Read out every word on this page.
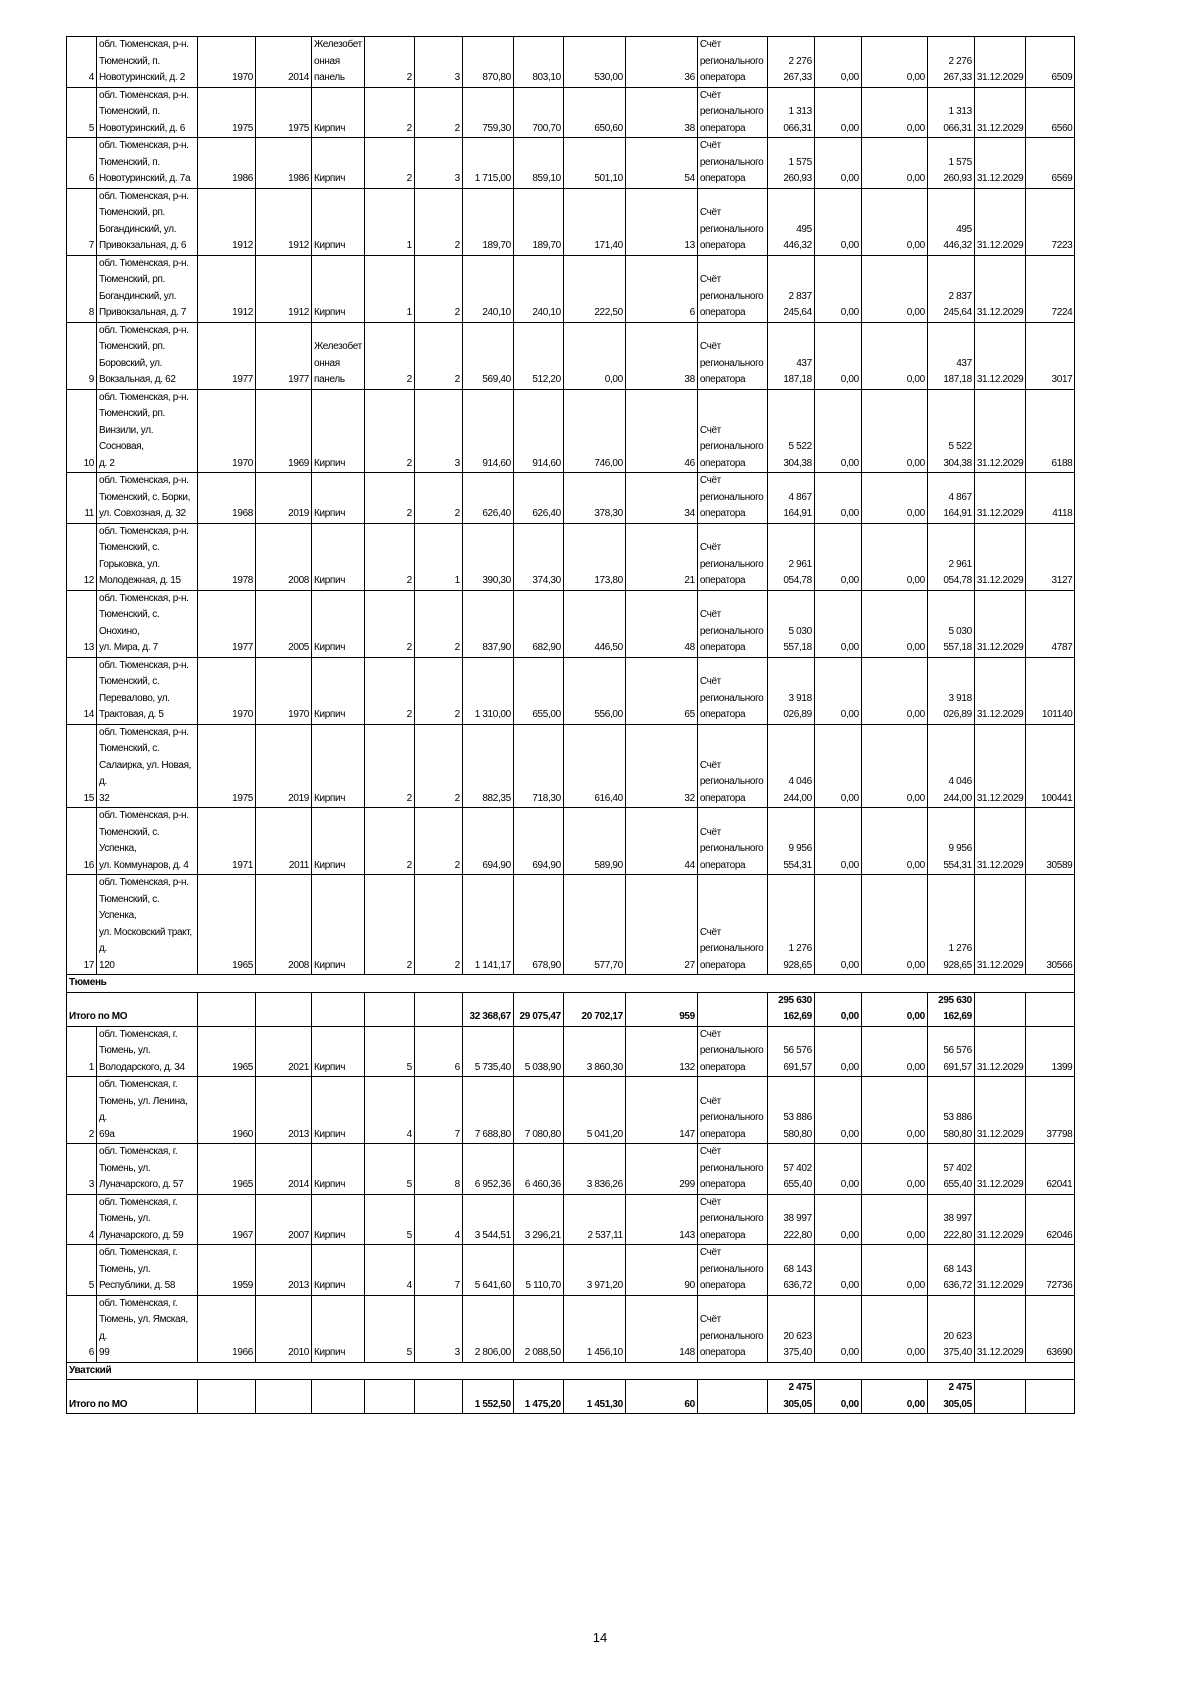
4	обл. Тюменская, р-н.
Тюменский, п.
Новотуринский, д. 2	1970	2014	Железобет
онная
панель	2	3	870,80	803,10	530,00	36	Счёт
регионального
оператора	2 276 267,33	0,00	0,00	2 276 267,33	31.12.2029	6509
5	обл. Тюменская, р-н.
Тюменский, п.
Новотуринский, д. 6	1975	1975	Кирпич	2	2	759,30	700,70	650,60	38	Счёт
регионального
оператора	1 313 066,31	0,00	0,00	1 313 066,31	31.12.2029	6560
6	обл. Тюменская, р-н.
Тюменский, п.
Новотуринский, д. 7а	1986	1986	Кирпич	2	3	1 715,00	859,10	501,10	54	Счёт
регионального
оператора	1 575 260,93	0,00	0,00	1 575 260,93	31.12.2029	6569
7	обл. Тюменская, р-н.
Тюменский, рп.
Богандинский, ул.
Привокзальная, д. 6	1912	1912	Кирпич	1	2	189,70	189,70	171,40	13	Счёт
регионального
оператора	495 446,32	0,00	0,00	495 446,32	31.12.2029	7223
8	обл. Тюменская, р-н.
Тюменский, рп.
Богандинский, ул.
Привокзальная, д. 7	1912	1912	Кирпич	1	2	240,10	240,10	222,50	6	Счёт
регионального
оператора	2 837 245,64	0,00	0,00	2 837 245,64	31.12.2029	7224
9	обл. Тюменская, р-н.
Тюменский, рп.
Боровский, ул.
Вокзальная, д. 62	1977	1977	Железобет
онная
панель	2	2	569,40	512,20	0,00	38	Счёт
регионального
оператора	437 187,18	0,00	0,00	437 187,18	31.12.2029	3017
10	обл. Тюменская, р-н.
Тюменский, рп.
Винзили, ул. Сосновая,
д. 2	1970	1969	Кирпич	2	3	914,60	914,60	746,00	46	Счёт
регионального
оператора	5 522 304,38	0,00	0,00	5 522 304,38	31.12.2029	6188
11	обл. Тюменская, р-н.
Тюменский, с. Борки,
ул. Совхозная, д. 32	1968	2019	Кирпич	2	2	626,40	626,40	378,30	34	Счёт
регионального
оператора	4 867 164,91	0,00	0,00	4 867 164,91	31.12.2029	4118
12	обл. Тюменская, р-н.
Тюменский, с.
Горьковка, ул.
Молодежная, д. 15	1978	2008	Кирпич	2	1	390,30	374,30	173,80	21	Счёт
регионального
оператора	2 961 054,78	0,00	0,00	2 961 054,78	31.12.2029	3127
13	обл. Тюменская, р-н.
Тюменский, с. Онохино,
ул. Мира, д. 7	1977	2005	Кирпич	2	2	837,90	682,90	446,50	48	Счёт
регионального
оператора	5 030 557,18	0,00	0,00	5 030 557,18	31.12.2029	4787
14	обл. Тюменская, р-н.
Тюменский, с.
Перевалово, ул.
Трактовая, д. 5	1970	1970	Кирпич	2	2	1 310,00	655,00	556,00	65	Счёт
регионального
оператора	3 918 026,89	0,00	0,00	3 918 026,89	31.12.2029	101140
15	обл. Тюменская, р-н.
Тюменский, с.
Салаирка, ул. Новая, д.
32	1975	2019	Кирпич	2	2	882,35	718,30	616,40	32	Счёт
регионального
оператора	4 046 244,00	0,00	0,00	4 046 244,00	31.12.2029	100441
16	обл. Тюменская, р-н.
Тюменский, с. Успенка,
ул. Коммунаров, д. 4	1971	2011	Кирпич	2	2	694,90	694,90	589,90	44	Счёт
регионального
оператора	9 956 554,31	0,00	0,00	9 956 554,31	31.12.2029	30589
17	обл. Тюменская, р-н.
Тюменский, с. Успенка,
ул. Московский тракт, д.
120	1965	2008	Кирпич	2	2	1 141,17	678,90	577,70	27	Счёт
регионального
оператора	1 276 928,65	0,00	0,00	1 276 928,65	31.12.2029	30566
Тюмень																	
Итого по МО							32 368,67	29 075,47	20 702,17	959		295 630 162,69	0,00	0,00	295 630 162,69		
1	обл. Тюменская, г.
Тюмень, ул.
Володарского, д. 34	1965	2021	Кирпич	5	6	5 735,40	5 038,90	3 860,30	132	Счёт
регионального
оператора	56 576 691,57	0,00	0,00	56 576 691,57	31.12.2029	1399
2	обл. Тюменская, г.
Тюмень, ул. Ленина, д.
69а	1960	2013	Кирпич	4	7	7 688,80	7 080,80	5 041,20	147	Счёт
регионального
оператора	53 886 580,80	0,00	0,00	53 886 580,80	31.12.2029	37798
3	обл. Тюменская, г.
Тюмень, ул.
Луначарского, д. 57	1965	2014	Кирпич	5	8	6 952,36	6 460,36	3 836,26	299	Счёт
регионального
оператора	57 402 655,40	0,00	0,00	57 402 655,40	31.12.2029	62041
4	обл. Тюменская, г.
Тюмень, ул.
Луначарского, д. 59	1967	2007	Кирпич	5	4	3 544,51	3 296,21	2 537,11	143	Счёт
регионального
оператора	38 997 222,80	0,00	0,00	38 997 222,80	31.12.2029	62046
5	обл. Тюменская, г.
Тюмень, ул.
Республики, д. 58	1959	2013	Кирпич	4	7	5 641,60	5 110,70	3 971,20	90	Счёт
регионального
оператора	68 143 636,72	0,00	0,00	68 143 636,72	31.12.2029	72736
6	обл. Тюменская, г.
Тюмень, ул. Ямская, д.
99	1966	2010	Кирпич	5	3	2 806,00	2 088,50	1 456,10	148	Счёт
регионального
оператора	20 623 375,40	0,00	0,00	20 623 375,40	31.12.2029	63690
Уватский																	
Итого по МО							1 552,50	1 475,20	1 451,30	60		2 475 305,05	0,00	0,00	2 475 305,05		
14
